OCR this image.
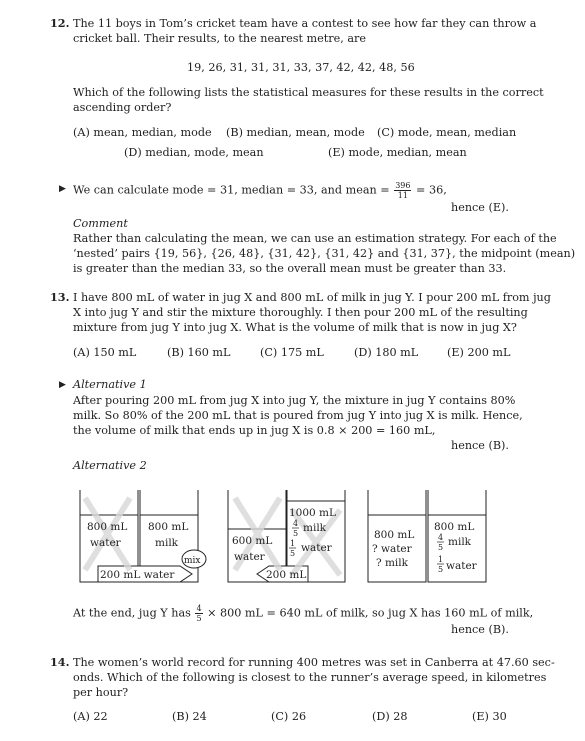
12. The 11 boys in Tom’s cricket team have a contest to see how far they can throw a
cricket ball. Their results, to the nearest metre, are
19, 26, 31, 31, 31, 33, 37, 42, 42, 48, 56
Which of the following lists the statistical measures for these results in the correct
ascending order?
(A) mean, median, mode (B) median, mean, mode (C) mode, mean, median
(D) median, mode, mean	(E) mode, median, mean
▶ We can calculate mode = 31, median = 33, and mean = $\frac{396}{11} = 36$,
hence (E).
Comment
Rather than calculating the mean, we can use an estimation strategy. For each of the
‘nested’ pairs {19, 56}, {26, 48}, {31, 42}, {31, 42} and {31, 37}, the midpoint (mean)
is greater than the median 33, so the overall mean must be greater than 33.
13. I have 800 mL of water in jug X and 800 mL of milk in jug Y. I pour 200 mL from jug
X into jug Y and stir the mixture thoroughly. I then pour 200 mL of the resulting
mixture from jug Y into jug X. What is the volume of milk that is now in jug X?
(A) 150 mL	(B) 160 mL	(C) 175 mL	(D) 180 mL	(E) 200 mL
▶ Alternative 1
After pouring 200 mL from jug X into jug Y, the mixture in jug Y contains 80%
milk. So 80% of the 200 mL that is poured from jug Y into jug X is milk. Hence,
the volume of milk that ends up in jug X is 0.8 × 200 = 160 mL,
hence (B).
Alternative 2
800 mL
water
800 mL
milk
200 mL water
mix
600 mL
water
1000 mL
4
5 milk
1
5 water
200 mL
800 mL
? water
? milk
800 mL
4
5 milk
1
5 water
At the end, jug Y has $\frac{4}{5} \times 800$ mL = 640 mL of milk, so jug X has 160 mL of milk,
hence (B).
14. The women’s world record for running 400 metres was set in Canberra at 47.60 sec-
onds. Which of the following is closest to the runner’s average speed, in kilometres
per hour?
(A) 22	(B) 24	(C) 26	(D) 28	(E) 30
